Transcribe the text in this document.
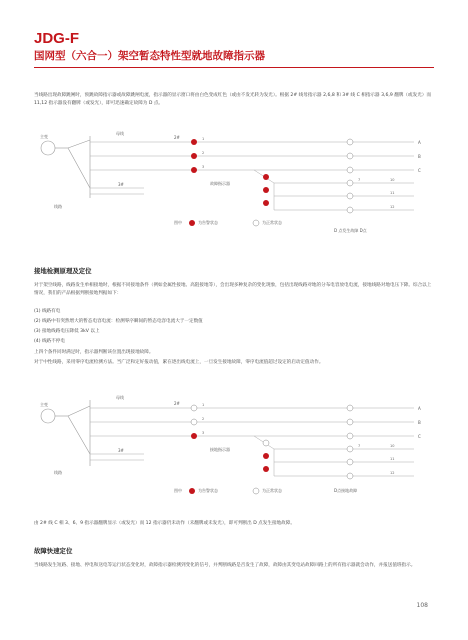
JDG-F
国网型（六合一）架空暂态特性型就地故障指示器

当线路出现故障跳闸时，预跳故障指示器或故障跳闸电流，指示器的显示窗口将由白色变成红色（或由不发光转为发光）。根据 2# 线母指示器 2,6,8 和 3# 线 C 相指示器 3,6,9 翻牌（或发光）而 11,12 指示器没有翻牌（或发光），即可迅速确定故障为 D 点。

主变
母线
线路
2#
3#
1
2
3
7	10
11
12
A
B
C
故障指示器
图中	为告警状态	为正常状态
D 点发生故障 D点
接地检测原理及定位

对于架空线路，线路发生单相接地时，根据不同接地条件（例如金属性接地、高阻接地等），会出现多种复杂的变化现象，包括出现线路对地的分布电容放电电流，接地线路对地电压下降。综合以上情况，我们的产品根据判断接地判据如下：

(1) 线路有电

(2) 线路中有突然增大的暂态电容电流：检测零序瞬间的暂态电容电流大于一定数值

(3) 接地线路电压降低 3kV 以上

(4) 线路不停电

上四个条件同时满足时，指示器判断该位置出现接地故障。

对于中性线路，采用零序电流检测方法。当广泛和定好报动值，累在逐出线电流上，一旦发生接地故障，零序电流值超过设定的启动定值动作。

主变
母线
线路
2#
3#
1
2
3
7	10
11
12
A
B
C
接地指示器
图中	为告警状态	为正常状态	D点接地故障

由 2# 线 C 相 3、6、9 指示器翻牌显示（或发光）而 12 指示器仍未动作（未翻牌或未发光），即可判断出 D 点发生接地故障。

故障快速定位

当线路发生短路、接地、停电和送电等运行状态变化时，故障指示器检测到变化的信号，并判断线路是否发生了故障，故障由其变电站故障回路上的所有指示器就会动作，并报送值班指示。

108
